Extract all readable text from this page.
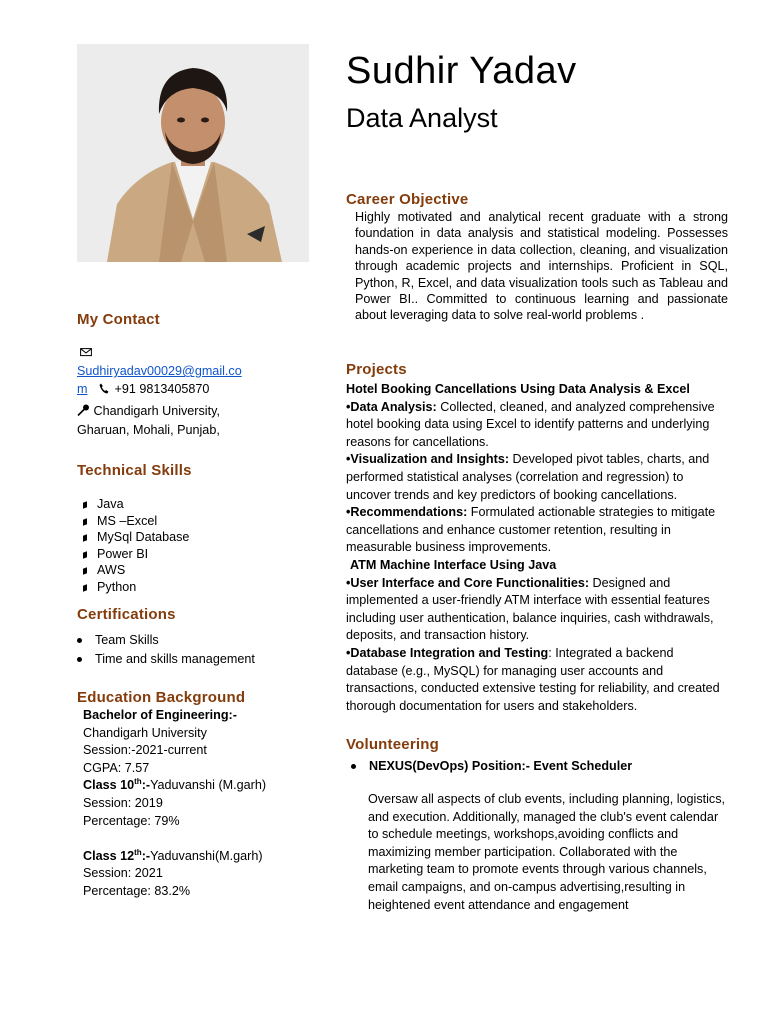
Sudhir Yadav
Data Analyst
My Contact
Sudhiryadav00029@gmail.co
m +91 9813405870
Chandigarh University,
Gharuan, Mohali, Punjab,
Technical Skills
Java
MS –Excel
MySql Database
Power BI
AWS
Python
Certifications
Team Skills
Time and skills management
Education Background
Bachelor of Engineering:-
Chandigarh University
Session:-2021-current
CGPA: 7.57
Class 10th:-Yaduvanshi (M.garh)
Session: 2019
Percentage: 79%
Class 12th:-Yaduvanshi(M.garh)
Session: 2021
Percentage: 83.2%
Career Objective
Highly motivated and analytical recent graduate with a strong foundation in data analysis and statistical modeling. Possesses hands-on experience in data collection, cleaning, and visualization through academic projects and internships. Proficient in SQL, Python, R, Excel, and data visualization tools such as Tableau and Power BI.. Committed to continuous learning and passionate about leveraging data to solve real-world problems .
Projects
Hotel Booking Cancellations Using Data Analysis & Excel
•Data Analysis: Collected, cleaned, and analyzed comprehensive hotel booking data using Excel to identify patterns and underlying reasons for cancellations.
•Visualization and Insights: Developed pivot tables, charts, and performed statistical analyses (correlation and regression) to uncover trends and key predictors of booking cancellations.
•Recommendations: Formulated actionable strategies to mitigate cancellations and enhance customer retention, resulting in measurable business improvements.
ATM Machine Interface Using Java
•User Interface and Core Functionalities: Designed and implemented a user-friendly ATM interface with essential features including user authentication, balance inquiries, cash withdrawals, deposits, and transaction history.
•Database Integration and Testing: Integrated a backend database (e.g., MySQL) for managing user accounts and transactions, conducted extensive testing for reliability, and created thorough documentation for users and stakeholders.
Volunteering
NEXUS(DevOps) Position:- Event Scheduler
Oversaw all aspects of club events, including planning, logistics, and execution. Additionally, managed the club's event calendar to schedule meetings, workshops,avoiding conflicts and maximizing member participation. Collaborated with the marketing team to promote events through various channels, email campaigns, and on-campus advertising,resulting in heightened event attendance and engagement
